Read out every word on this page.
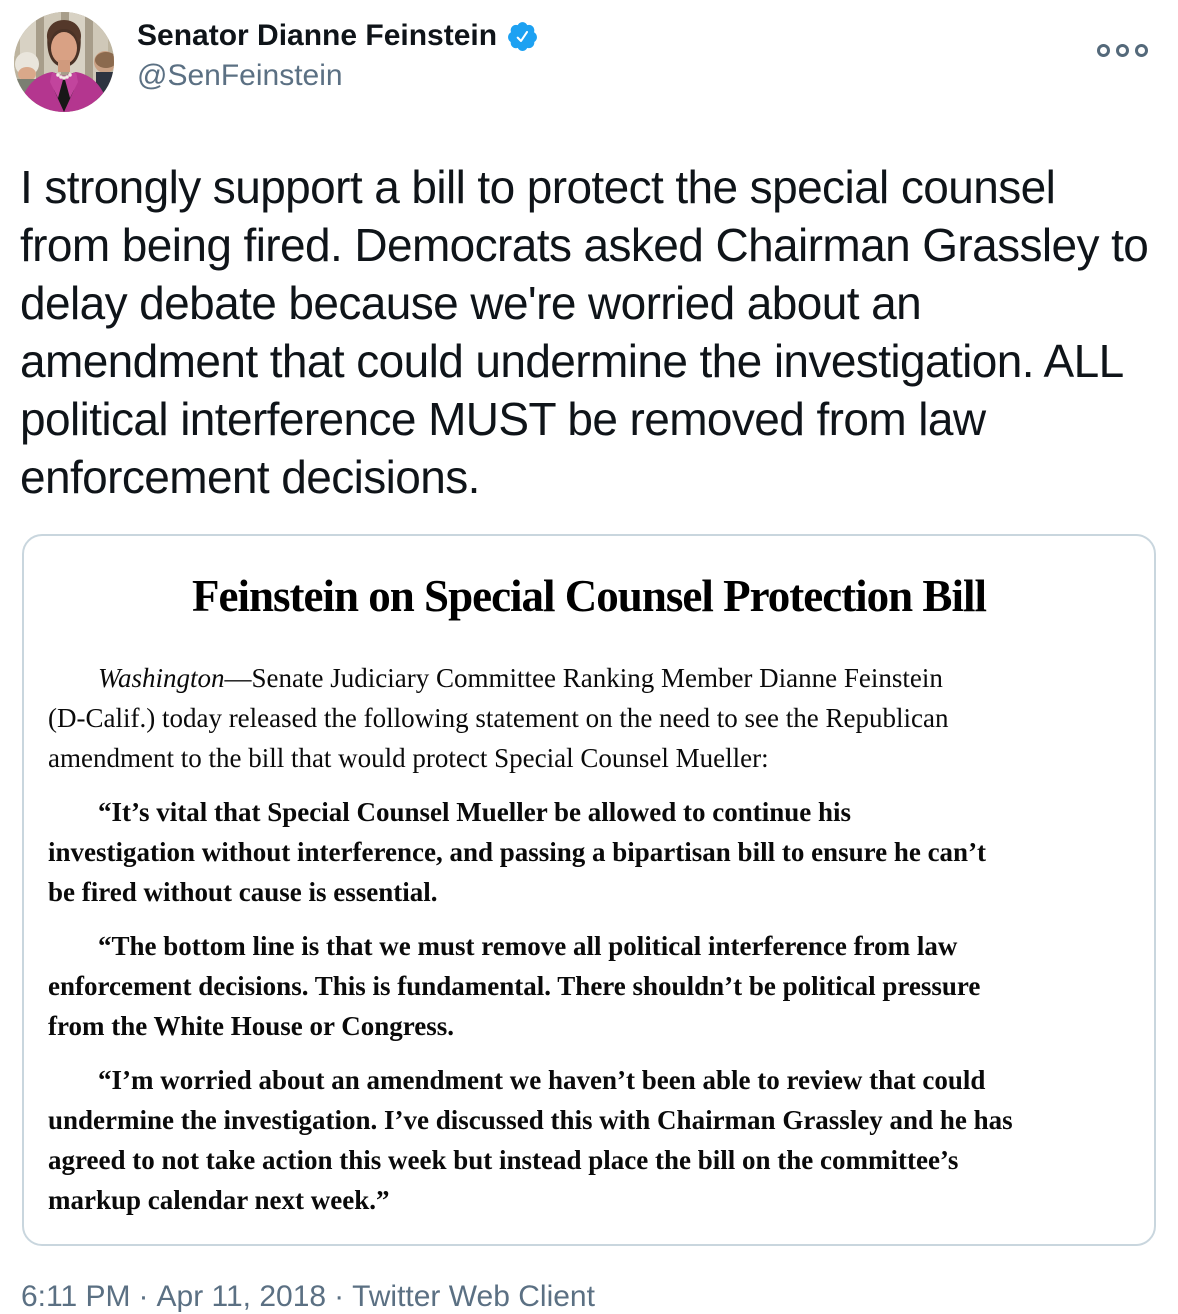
Senator Dianne Feinstein
@SenFeinstein
I strongly support a bill to protect the special counsel
from being fired. Democrats asked Chairman Grassley to
delay debate because we're worried about an
amendment that could undermine the investigation. ALL
political interference MUST be removed from law
enforcement decisions.
Feinstein on Special Counsel Protection Bill
Washington—Senate Judiciary Committee Ranking Member Dianne Feinstein
(D-Calif.) today released the following statement on the need to see the Republican
amendment to the bill that would protect Special Counsel Mueller:
“It’s vital that Special Counsel Mueller be allowed to continue his
investigation without interference, and passing a bipartisan bill to ensure he can’t
be fired without cause is essential.
“The bottom line is that we must remove all political interference from law
enforcement decisions. This is fundamental. There shouldn’t be political pressure
from the White House or Congress.
“I’m worried about an amendment we haven’t been able to review that could
undermine the investigation. I’ve discussed this with Chairman Grassley and he has
agreed to not take action this week but instead place the bill on the committee’s
markup calendar next week.”
6:11 PM · Apr 11, 2018 · Twitter Web Client
